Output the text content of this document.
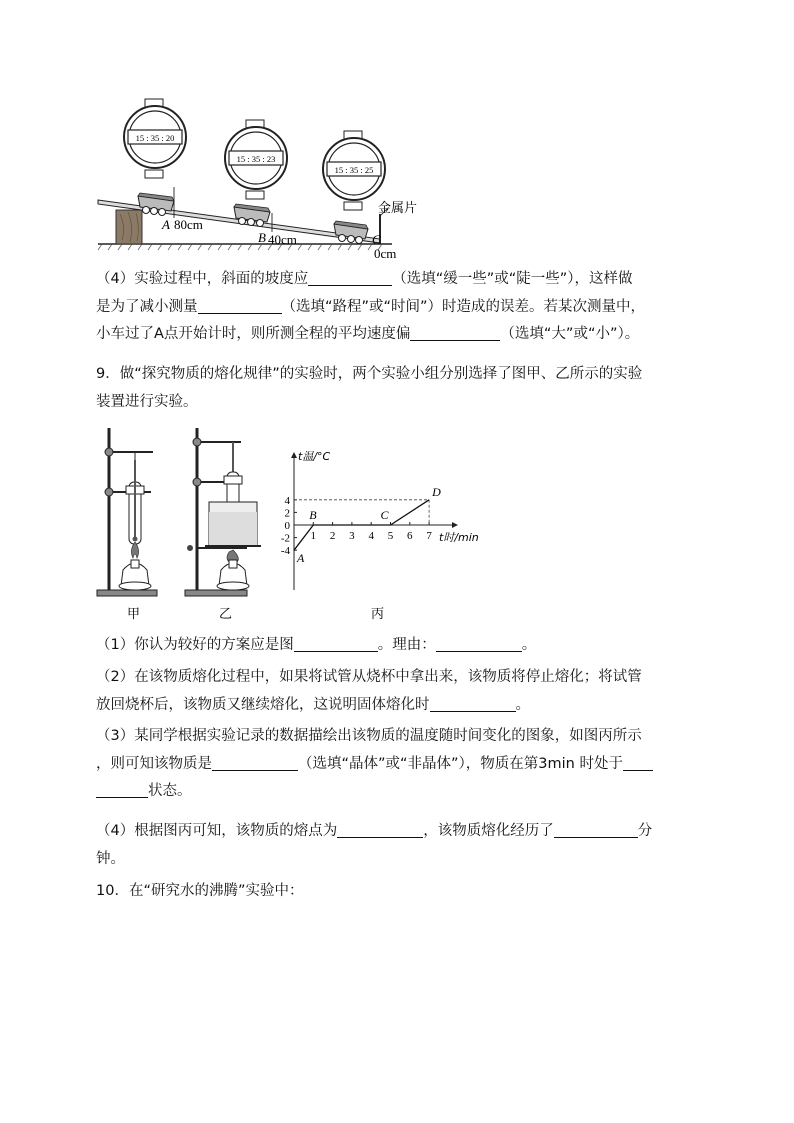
15 : 35 : 20
15 : 35 : 23
15 : 35 : 25
A 80cm
B 40cm	C
0cm
金属片
（4）实验过程中，斜面的坡度应	（选填“缓一些”或“陡一些”），这样做
是为了减小测量	（选填“路程”或“时间”）时造成的误差。若某次测量中，
小车过了A点开始计时，则所测全程的平均速度偏	（选填“大”或“小”）。
9．做“探究物质的熔化规律”的实验时，两个实验小组分别选择了图甲、乙所示的实验
装置进行实验。
t温/°C
t时/min
1 2 3 4 5 6 7
4
2
0
-2
-4 A
B	C
D
甲	乙	丙
（1）你认为较好的方案应是图	。理由：	。
（2）在该物质熔化过程中，如果将试管从烧杯中拿出来，该物质将停止熔化；将试管
放回烧杯后，该物质又继续熔化，这说明固体熔化时	。
（3）某同学根据实验记录的数据描绘出该物质的温度随时间变化的图象，如图丙所示
，则可知该物质是	（选填“晶体”或“非晶体”），物质在第3min 时处于
状态。
（4）根据图丙可知，该物质的熔点为	，该物质熔化经历了	分
钟。
10．在“研究水的沸腾”实验中：
